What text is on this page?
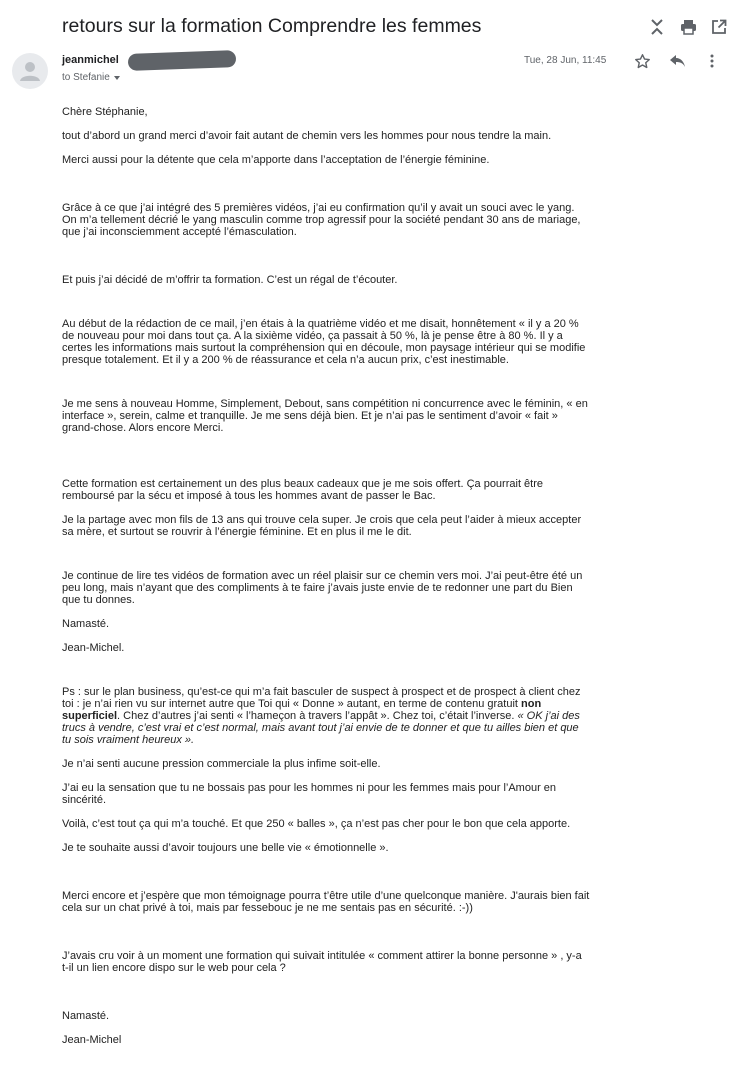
retours sur la formation Comprendre les femmes
jeanmichel
to Stefanie
Tue, 28 Jun, 11:45

Chère Stéphanie,

tout d’abord un grand merci d’avoir fait autant de chemin vers les hommes pour nous tendre la main.

Merci aussi pour la détente que cela m’apporte dans l’acceptation de l’énergie féminine.

Grâce à ce que j’ai intégré des 5 premières vidéos, j’ai eu confirmation qu’il y avait un souci avec le yang.
On m’a tellement décrié le yang masculin comme trop agressif pour la société pendant 30 ans de mariage,
que j’ai inconsciemment accepté l’émasculation.

Et puis j’ai décidé de m’offrir ta formation. C’est un régal de t’écouter.

Au début de la rédaction de ce mail, j’en étais à la quatrième vidéo et me disait, honnêtement « il y a 20 %
de nouveau pour moi dans tout ça. A la sixième vidéo, ça passait à 50 %, là je pense être à 80 %. Il y a
certes les informations mais surtout la compréhension qui en découle, mon paysage intérieur qui se modifie
presque totalement. Et il y a 200 % de réassurance et cela n’a aucun prix, c’est inestimable.

Je me sens à nouveau Homme, Simplement, Debout, sans compétition ni concurrence avec le féminin, « en
interface », serein, calme et tranquille. Je me sens déjà bien. Et je n’ai pas le sentiment d’avoir « fait »
grand-chose. Alors encore Merci.

Cette formation est certainement un des plus beaux cadeaux que je me sois offert. Ça pourrait être
remboursé par la sécu et imposé à tous les hommes avant de passer le Bac.

Je la partage avec mon fils de 13 ans qui trouve cela super. Je crois que cela peut l’aider à mieux accepter
sa mère, et surtout se rouvrir à l’énergie féminine. Et en plus il me le dit.

Je continue de lire tes vidéos de formation avec un réel plaisir sur ce chemin vers moi. J’ai peut-être été un
peu long, mais n’ayant que des compliments à te faire j’avais juste envie de te redonner une part du Bien
que tu donnes.

Namasté.

Jean-Michel.

Ps : sur le plan business, qu’est-ce qui m’a fait basculer de suspect à prospect et de prospect à client chez
toi : je n’ai rien vu sur internet autre que Toi qui « Donne » autant, en terme de contenu gratuit non
superficiel. Chez d’autres j’ai senti « l’hameçon à travers l’appât ». Chez toi, c’était l’inverse. « OK j’ai des
trucs à vendre, c’est vrai et c’est normal, mais avant tout j’ai envie de te donner et que tu ailles bien et que
tu sois vraiment heureux ».

Je n’ai senti aucune pression commerciale la plus infime soit-elle.

J’ai eu la sensation que tu ne bossais pas pour les hommes ni pour les femmes mais pour l’Amour en
sincérité.

Voilà, c’est tout ça qui m’a touché. Et que 250 « balles », ça n’est pas cher pour le bon que cela apporte.

Je te souhaite aussi d’avoir toujours une belle vie « émotionnelle ».

Merci encore et j’espère que mon témoignage pourra t’être utile d’une quelconque manière. J'aurais bien fait
cela sur un chat privé à toi, mais par fessebouc je ne me sentais pas en sécurité. :-))

J’avais cru voir à un moment une formation qui suivait intitulée « comment attirer la bonne personne » , y-a
t-il un lien encore dispo sur le web pour cela ?

Namasté.

Jean-Michel
